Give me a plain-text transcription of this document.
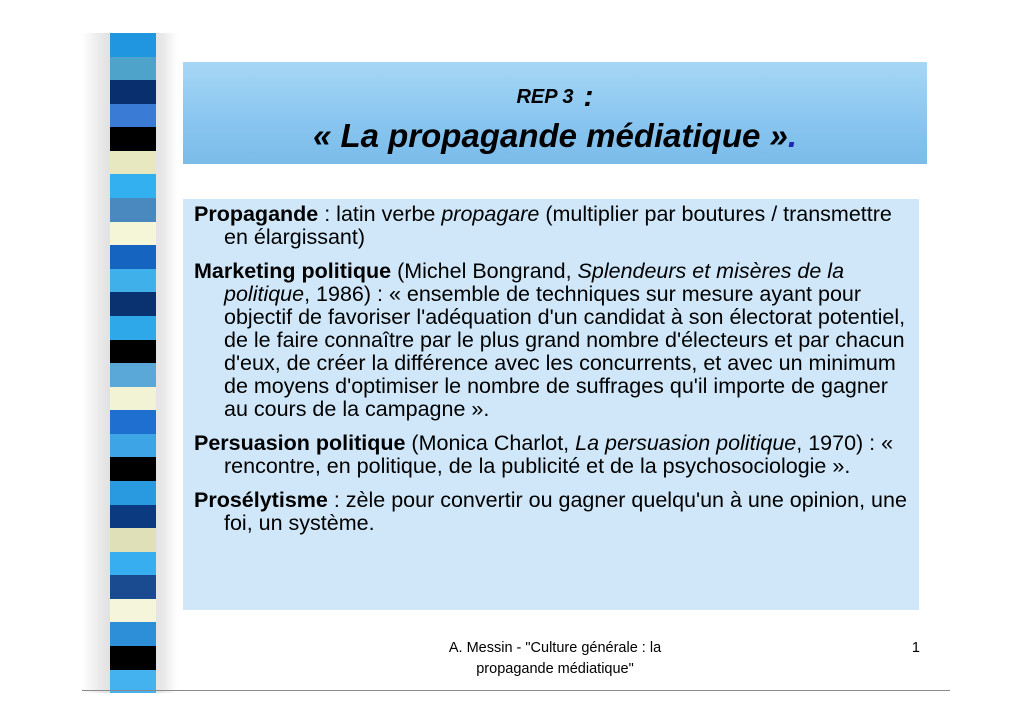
REP 3 :
« La propagande médiatique ».

Propagande : latin verbe propagare (multiplier par boutures / transmettre en élargissant)

Marketing politique (Michel Bongrand, Splendeurs et misères de la politique, 1986) : « ensemble de techniques sur mesure ayant pour objectif de favoriser l'adéquation d'un candidat à son électorat potentiel, de le faire connaître par le plus grand nombre d'électeurs et par chacun d'eux, de créer la différence avec les concurrents, et avec un minimum de moyens d'optimiser le nombre de suffrages qu'il importe de gagner au cours de la campagne ».

Persuasion politique (Monica Charlot, La persuasion politique, 1970) : « rencontre, en politique, de la publicité et de la psychosociologie ».

Prosélytisme : zèle pour convertir ou gagner quelqu'un à une opinion, une foi, un système.

A. Messin - "Culture générale : la
propagande médiatique"
1
